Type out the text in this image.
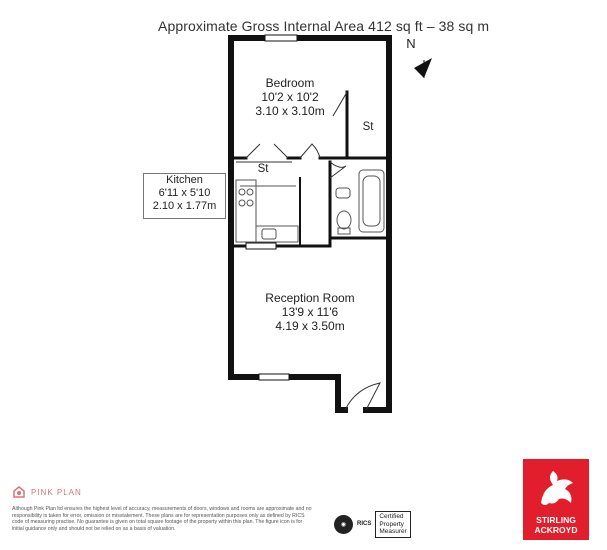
Approximate Gross Internal Area 412 sq ft – 38 sq m
N
Bedroom
10'2 x 10'2
3.10 x 3.10m
St
St
Kitchen
6'11 x 5'10
2.10 x 1.77m
Reception Room
13'9 x 11'6
4.19 x 3.50m
PINK PLAN
Although Pink Plan ltd ensures the highest level of accuracy, measurements of doors, windows and rooms are approximate and no responsibility is taken for error, omission or misstatement. These plans are for representation purposes only as defined by RICS code of measuring practise. No guarantee is given on total square footage of the property within this plan. The figure icon is for initial guidance only and should not be relied on as a basis of valuation.
◉	RICS
Certified
Property
Measurer
STIRLING
ACKROYD
